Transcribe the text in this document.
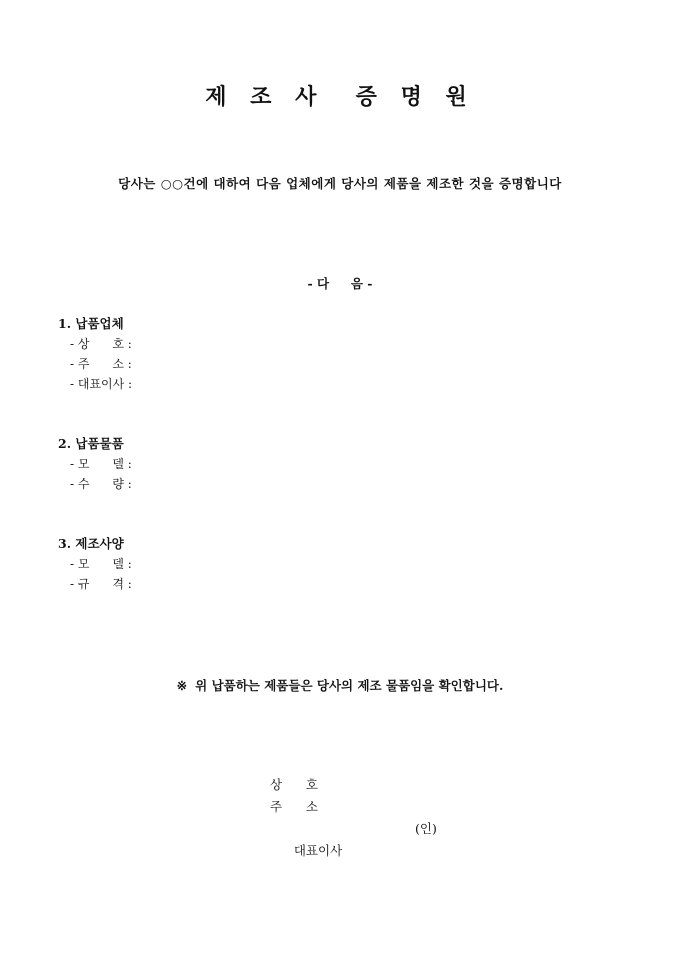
제 조 사  증 명 원
당사는 ○○건에 대하여 다음 업체에게 당사의 제품을 제조한 것을 증명합니다
- 다     음 -
1. 납품업체
- 상      호 :
- 주      소 :
- 대표이사 :
2. 납품물품
- 모      델 :
- 수      량 :
3. 제조사양
- 모      델 :
- 규      격 :
※ 위 납품하는 제품들은 당사의 제조 물품임을 확인합니다.
상      호
주      소

대표이사

(인)
